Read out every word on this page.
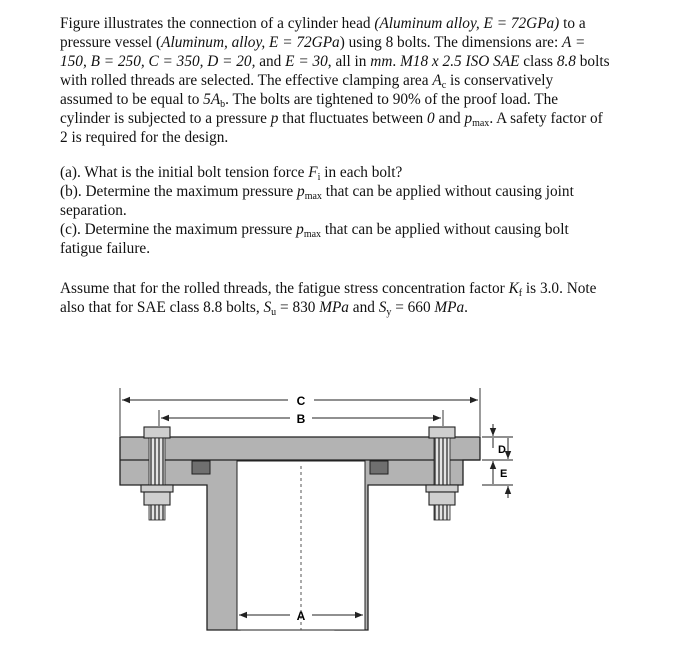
Figure illustrates the connection of a cylinder head (Aluminum alloy, E = 72GPa) to a
pressure vessel (Aluminum, alloy, E = 72GPa) using 8 bolts. The dimensions are: A =
150, B = 250, C = 350, D = 20, and E = 30, all in mm. M18 x 2.5 ISO SAE class 8.8 bolts
with rolled threads are selected. The effective clamping area $A_c$ is conservatively
assumed to be equal to $5A_b$. The bolts are tightened to 90% of the proof load. The
cylinder is subjected to a pressure p that fluctuates between 0 and $p_{max}$. A safety factor of
2 is required for the design.
(a). What is the initial bolt tension force $F_i$ in each bolt?
(b). Determine the maximum pressure $p_{max}$ that can be applied without causing joint
separation.
(c). Determine the maximum pressure $p_{max}$ that can be applied without causing bolt
fatigue failure.
Assume that for the rolled threads, the fatigue stress concentration factor $K_f$ is 3.0. Note
also that for SAE class 8.8 bolts, $S_u = 830$ MPa and $S_y = 660$ MPa.
C
B
D
E
A
